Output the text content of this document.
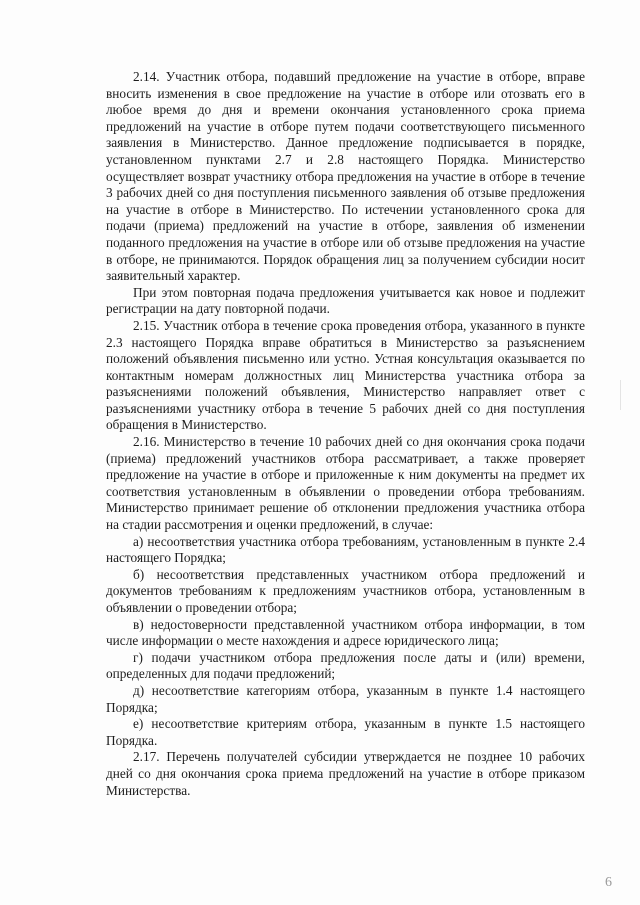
2.14. Участник отбора, подавший предложение на участие в отборе, вправе вносить изменения в свое предложение на участие в отборе или отозвать его в любое время до дня и времени окончания установленного срока приема предложений на участие в отборе путем подачи соответствующего письменного заявления в Министерство. Данное предложение подписывается в порядке, установленном пунктами 2.7 и 2.8 настоящего Порядка. Министерство осуществляет возврат участнику отбора предложения на участие в отборе в течение 3 рабочих дней со дня поступления письменного заявления об отзыве предложения на участие в отборе в Министерство. По истечении установленного срока для подачи (приема) предложений на участие в отборе, заявления об изменении поданного предложения на участие в отборе или об отзыве предложения на участие в отборе, не принимаются. Порядок обращения лиц за получением субсидии носит заявительный характер.

При этом повторная подача предложения учитывается как новое и подлежит регистрации на дату повторной подачи.

2.15. Участник отбора в течение срока проведения отбора, указанного в пункте 2.3 настоящего Порядка вправе обратиться в Министерство за разъяснением положений объявления письменно или устно. Устная консультация оказывается по контактным номерам должностных лиц Министерства участника отбора за разъяснениями положений объявления, Министерство направляет ответ с разъяснениями участнику отбора в течение 5 рабочих дней со дня поступления обращения в Министерство.

2.16. Министерство в течение 10 рабочих дней со дня окончания срока подачи (приема) предложений участников отбора рассматривает, а также проверяет предложение на участие в отборе и приложенные к ним документы на предмет их соответствия установленным в объявлении о проведении отбора требованиям. Министерство принимает решение об отклонении предложения участника отбора на стадии рассмотрения и оценки предложений, в случае:

а) несоответствия участника отбора требованиям, установленным в пункте 2.4 настоящего Порядка;

б) несоответствия представленных участником отбора предложений и документов требованиям к предложениям участников отбора, установленным в объявлении о проведении отбора;

в) недостоверности представленной участником отбора информации, в том числе информации о месте нахождения и адресе юридического лица;

г) подачи участником отбора предложения после даты и (или) времени, определенных для подачи предложений;

д) несоответствие категориям отбора, указанным в пункте 1.4 настоящего Порядка;

е) несоответствие критериям отбора, указанным в пункте 1.5 настоящего Порядка.

2.17. Перечень получателей субсидии утверждается не позднее 10 рабочих дней со дня окончания срока приема предложений на участие в отборе приказом Министерства.

6
